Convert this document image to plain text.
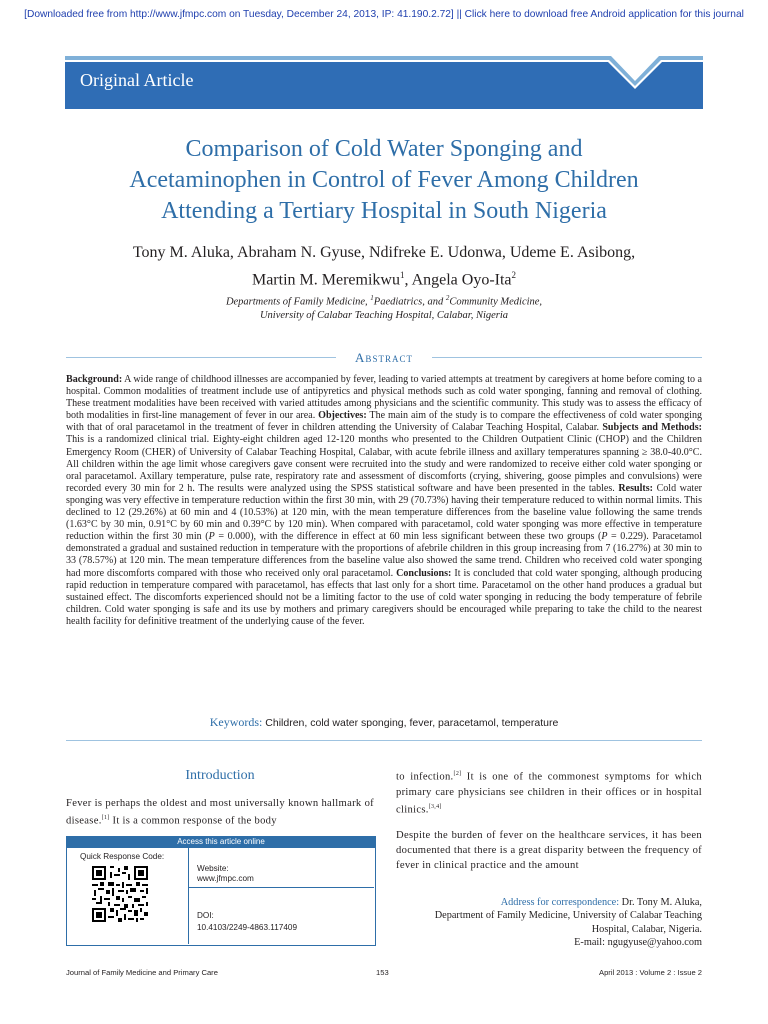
[Downloaded free from http://www.jfmpc.com on Tuesday, December 24, 2013, IP: 41.190.2.72] || Click here to download free Android application for this journal
Original Article
Comparison of Cold Water Sponging and
Acetaminophen in Control of Fever Among Children
Attending a Tertiary Hospital in South Nigeria
Tony M. Aluka, Abraham N. Gyuse, Ndifreke E. Udonwa, Udeme E. Asibong,
Martin M. Meremikwu$^1$, Angela Oyo-Ita$^2$
Departments of Family Medicine, $^1$Paediatrics, and $^2$Community Medicine,
University of Calabar Teaching Hospital, Calabar, Nigeria
Abstract
Background: A wide range of childhood illnesses are accompanied by fever, leading to varied attempts at treatment by caregivers at home before coming to a hospital. Common modalities of treatment include use of antipyretics and physical methods such as cold water sponging, fanning and removal of clothing. These treatment modalities have been received with varied attitudes among physicians and the scientific community. This study was to assess the efficacy of both modalities in first-line management of fever in our area. Objectives: The main aim of the study is to compare the effectiveness of cold water sponging with that of oral paracetamol in the treatment of fever in children attending the University of Calabar Teaching Hospital, Calabar. Subjects and Methods: This is a randomized clinical trial. Eighty-eight children aged 12-120 months who presented to the Children Outpatient Clinic (CHOP) and the Children Emergency Room (CHER) of University of Calabar Teaching Hospital, Calabar, with acute febrile illness and axillary temperatures spanning ≥ 38.0-40.0°C. All children within the age limit whose caregivers gave consent were recruited into the study and were randomized to receive either cold water sponging or oral paracetamol. Axillary temperature, pulse rate, respiratory rate and assessment of discomforts (crying, shivering, goose pimples and convulsions) were recorded every 30 min for 2 h. The results were analyzed using the SPSS statistical software and have been presented in the tables. Results: Cold water sponging was very effective in temperature reduction within the first 30 min, with 29 (70.73%) having their temperature reduced to within normal limits. This declined to 12 (29.26%) at 60 min and 4 (10.53%) at 120 min, with the mean temperature differences from the baseline value following the same trends (1.63°C by 30 min, 0.91°C by 60 min and 0.39°C by 120 min). When compared with paracetamol, cold water sponging was more effective in temperature reduction within the first 30 min (P = 0.000), with the difference in effect at 60 min less significant between these two groups (P = 0.229). Paracetamol demonstrated a gradual and sustained reduction in temperature with the proportions of afebrile children in this group increasing from 7 (16.27%) at 30 min to 33 (78.57%) at 120 min. The mean temperature differences from the baseline value also showed the same trend. Children who received cold water sponging had more discomforts compared with those who received only oral paracetamol. Conclusions: It is concluded that cold water sponging, although producing rapid reduction in temperature compared with paracetamol, has effects that last only for a short time. Paracetamol on the other hand produces a gradual but sustained effect. The discomforts experienced should not be a limiting factor to the use of cold water sponging in reducing the body temperature of febrile children. Cold water sponging is safe and its use by mothers and primary caregivers should be encouraged while preparing to take the child to the nearest health facility for definitive treatment of the underlying cause of the fever.
Keywords: Children, cold water sponging, fever, paracetamol, temperature
Introduction
Fever is perhaps the oldest and most universally known hallmark of disease.[1] It is a common response of the body
Access this article online
Quick Response Code:
Website:
www.jfmpc.com
DOI:
10.4103/2249-4863.117409
to infection.[2] It is one of the commonest symptoms for which primary care physicians see children in their offices or in hospital clinics.[3,4]
Despite the burden of fever on the healthcare services, it has been documented that there is a great disparity between the frequency of fever in clinical practice and the amount
Address for correspondence: Dr. Tony M. Aluka,
Department of Family Medicine, University of Calabar Teaching
Hospital, Calabar, Nigeria.
E-mail: ngugyuse@yahoo.com
Journal of Family Medicine and Primary Care	153	April 2013 : Volume 2 : Issue 2
